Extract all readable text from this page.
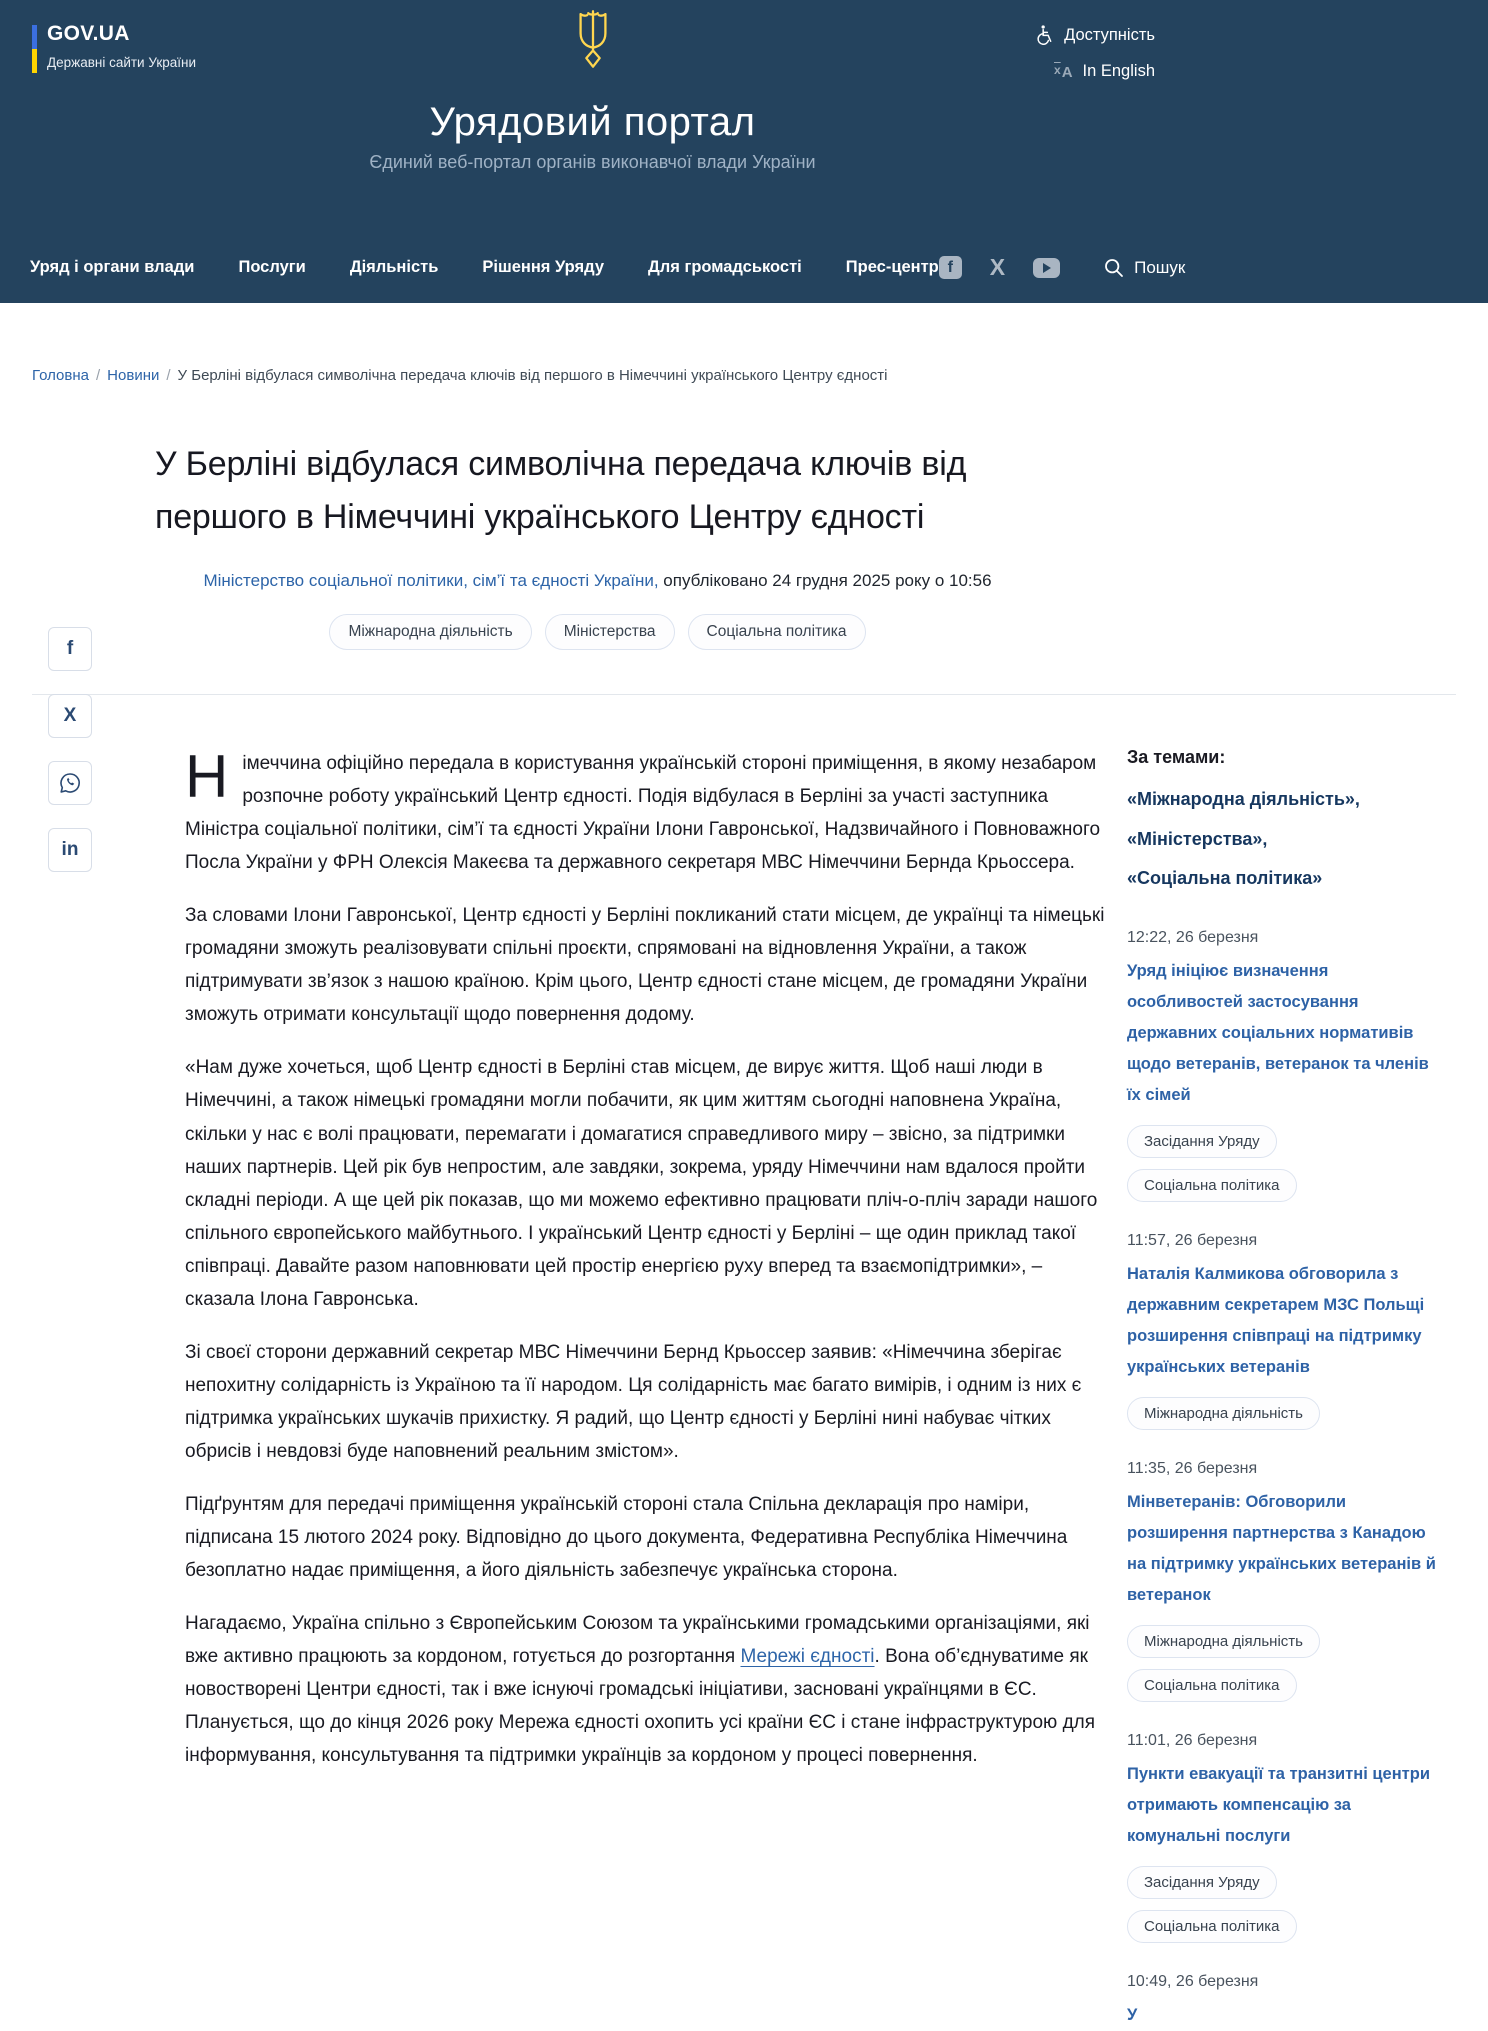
GOV.UA
Державні сайти України
Доступність
x A In English
Урядовий портал
Єдиний веб-портал органів виконавчої влади України
Уряд і органи влади	Послуги	Діяльність	Рішення Уряду	Для громадськості	Прес-центр f	X	Пошук
Головна / Новини / У Берліні відбулася символічна передача ключів від першого в Німеччині українського Центру єдності
У Берліні відбулася символічна передача ключів від першого в Німеччині українського Центру єдності
Міністерство соціальної політики, сім’ї та єдності України, опубліковано 24 грудня 2025 року о 10:56
Міжнародна діяльність	Міністерства	Соціальна політика
f
X
in

Німеччина офіційно передала в користування українській стороні приміщення, в якому незабаром розпочне роботу український Центр єдності. Подія відбулася в Берліні за участі заступника Міністра соціальної політики, сім’ї та єдності України Ілони Гавронської, Надзвичайного і Повноважного Посла України у ФРН Олексія Макеєва та державного секретаря МВС Німеччини Бернда Крьоссера.

За словами Ілони Гавронської, Центр єдності у Берліні покликаний стати місцем, де українці та німецькі громадяни зможуть реалізовувати спільні проєкти, спрямовані на відновлення України, а також підтримувати зв’язок з нашою країною. Крім цього, Центр єдності стане місцем, де громадяни України зможуть отримати консультації щодо повернення додому.

«Нам дуже хочеться, щоб Центр єдності в Берліні став місцем, де вирує життя. Щоб наші люди в Німеччині, а також німецькі громадяни могли побачити, як цим життям сьогодні наповнена Україна, скільки у нас є волі працювати, перемагати і домагатися справедливого миру – звісно, за підтримки наших партнерів. Цей рік був непростим, але завдяки, зокрема, уряду Німеччини нам вдалося пройти складні періоди. А ще цей рік показав, що ми можемо ефективно працювати пліч-о-пліч заради нашого спільного європейського майбутнього. І український Центр єдності у Берліні – ще один приклад такої співпраці. Давайте разом наповнювати цей простір енергією руху вперед та взаємопідтримки», – сказала Ілона Гавронська.

Зі своєї сторони державний секретар МВС Німеччини Бернд Крьоссер заявив: «Німеччина зберігає непохитну солідарність із Україною та її народом. Ця солідарність має багато вимірів, і одним із них є підтримка українських шукачів прихистку. Я радий, що Центр єдності у Берліні нині набуває чітких обрисів і невдовзі буде наповнений реальним змістом».

Підґрунтям для передачі приміщення українській стороні стала Спільна декларація про наміри, підписана 15 лютого 2024 року. Відповідно до цього документа, Федеративна Республіка Німеччина безоплатно надає приміщення, а його діяльність забезпечує українська сторона.

Нагадаємо, Україна спільно з Європейським Союзом та українськими громадськими організаціями, які вже активно працюють за кордоном, готується до розгортання Мережі єдності. Вона об’єднуватиме як новостворені Центри єдності, так і вже існуючі громадські ініціативи, засновані українцями в ЄС. Планується, що до кінця 2026 року Мережа єдності охопить усі країни ЄС і стане інфраструктурою для інформування, консультування та підтримки українців за кордоном у процесі повернення.

За темами:
«Міжнародна діяльність»,
«Міністерства»,
«Соціальна політика»
12:22, 26 березня
Уряд ініціює визначення особливостей застосування державних соціальних нормативів щодо ветеранів, ветеранок та членів їх сімей
Засідання Уряду
Соціальна політика
11:57, 26 березня
Наталія Калмикова обговорила з державним секретарем МЗС Польщі розширення співпраці на підтримку українських ветеранів
Міжнародна діяльність
11:35, 26 березня
Мінветеранів: Обговорили розширення партнерства з Канадою на підтримку українських ветеранів й ветеранок
Міжнародна діяльність
Соціальна політика
11:01, 26 березня
Пункти евакуації та транзитні центри отримають компенсацію за комунальні послуги
Засідання Уряду
Соціальна політика
10:49, 26 березня
У
